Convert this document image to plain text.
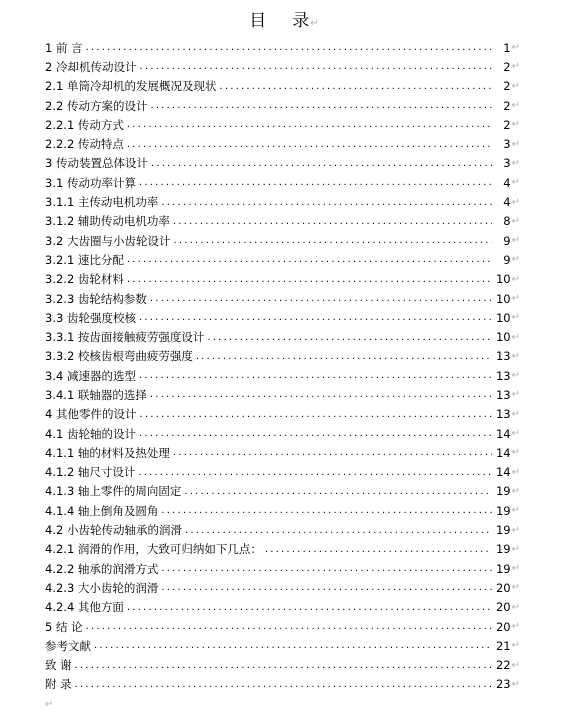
目 录↵
1 前 言 .....	1 ↵
2 冷却机传动设计 .....	2 ↵
2.1 单筒冷却机的发展概况及现状 .....	2 ↵
2.2 传动方案的设计 .....	2 ↵
2.2.1 传动方式 .....	2 ↵
2.2.2 传动特点 .....	3 ↵
3 传动装置总体设计 .....	3 ↵
3.1 传动功率计算 .....	4 ↵
3.1.1 主传动电机功率 .....	4 ↵
3.1.2 辅助传动电机功率 .....	8 ↵
3.2 大齿圈与小齿轮设计 .....	9 ↵
3.2.1 速比分配 .....	9 ↵
3.2.2 齿轮材料 .....	10 ↵
3.2.3 齿轮结构参数 .....	10 ↵
3.3 齿轮强度校核 .....	10 ↵
3.3.1 按齿面接触疲劳强度设计 .....	10 ↵
3.3.2 校核齿根弯曲疲劳强度 .....	13 ↵
3.4 减速器的选型 .....	13 ↵
3.4.1 联轴器的选择 .....	13 ↵
4 其他零件的设计 .....	13 ↵
4.1 齿轮轴的设计 .....	14 ↵
4.1.1 轴的材料及热处理 .....	14 ↵
4.1.2 轴尺寸设计 .....	14 ↵
4.1.3 轴上零件的周向固定 .....	19 ↵
4.1.4 轴上倒角及圆角 .....	19 ↵
4.2 小齿轮传动轴承的润滑 .....	19 ↵
4.2.1 润滑的作用，大致可归纳如下几点： .....	19 ↵
4.2.2 轴承的润滑方式 .....	19 ↵
4.2.3 大小齿轮的润滑 .....	20 ↵
4.2.4 其他方面 .....	20 ↵
5 结 论 .....	20 ↵
参考文献 .....	21 ↵
致 谢 .....	22 ↵
附 录 .....	23 ↵
↵
